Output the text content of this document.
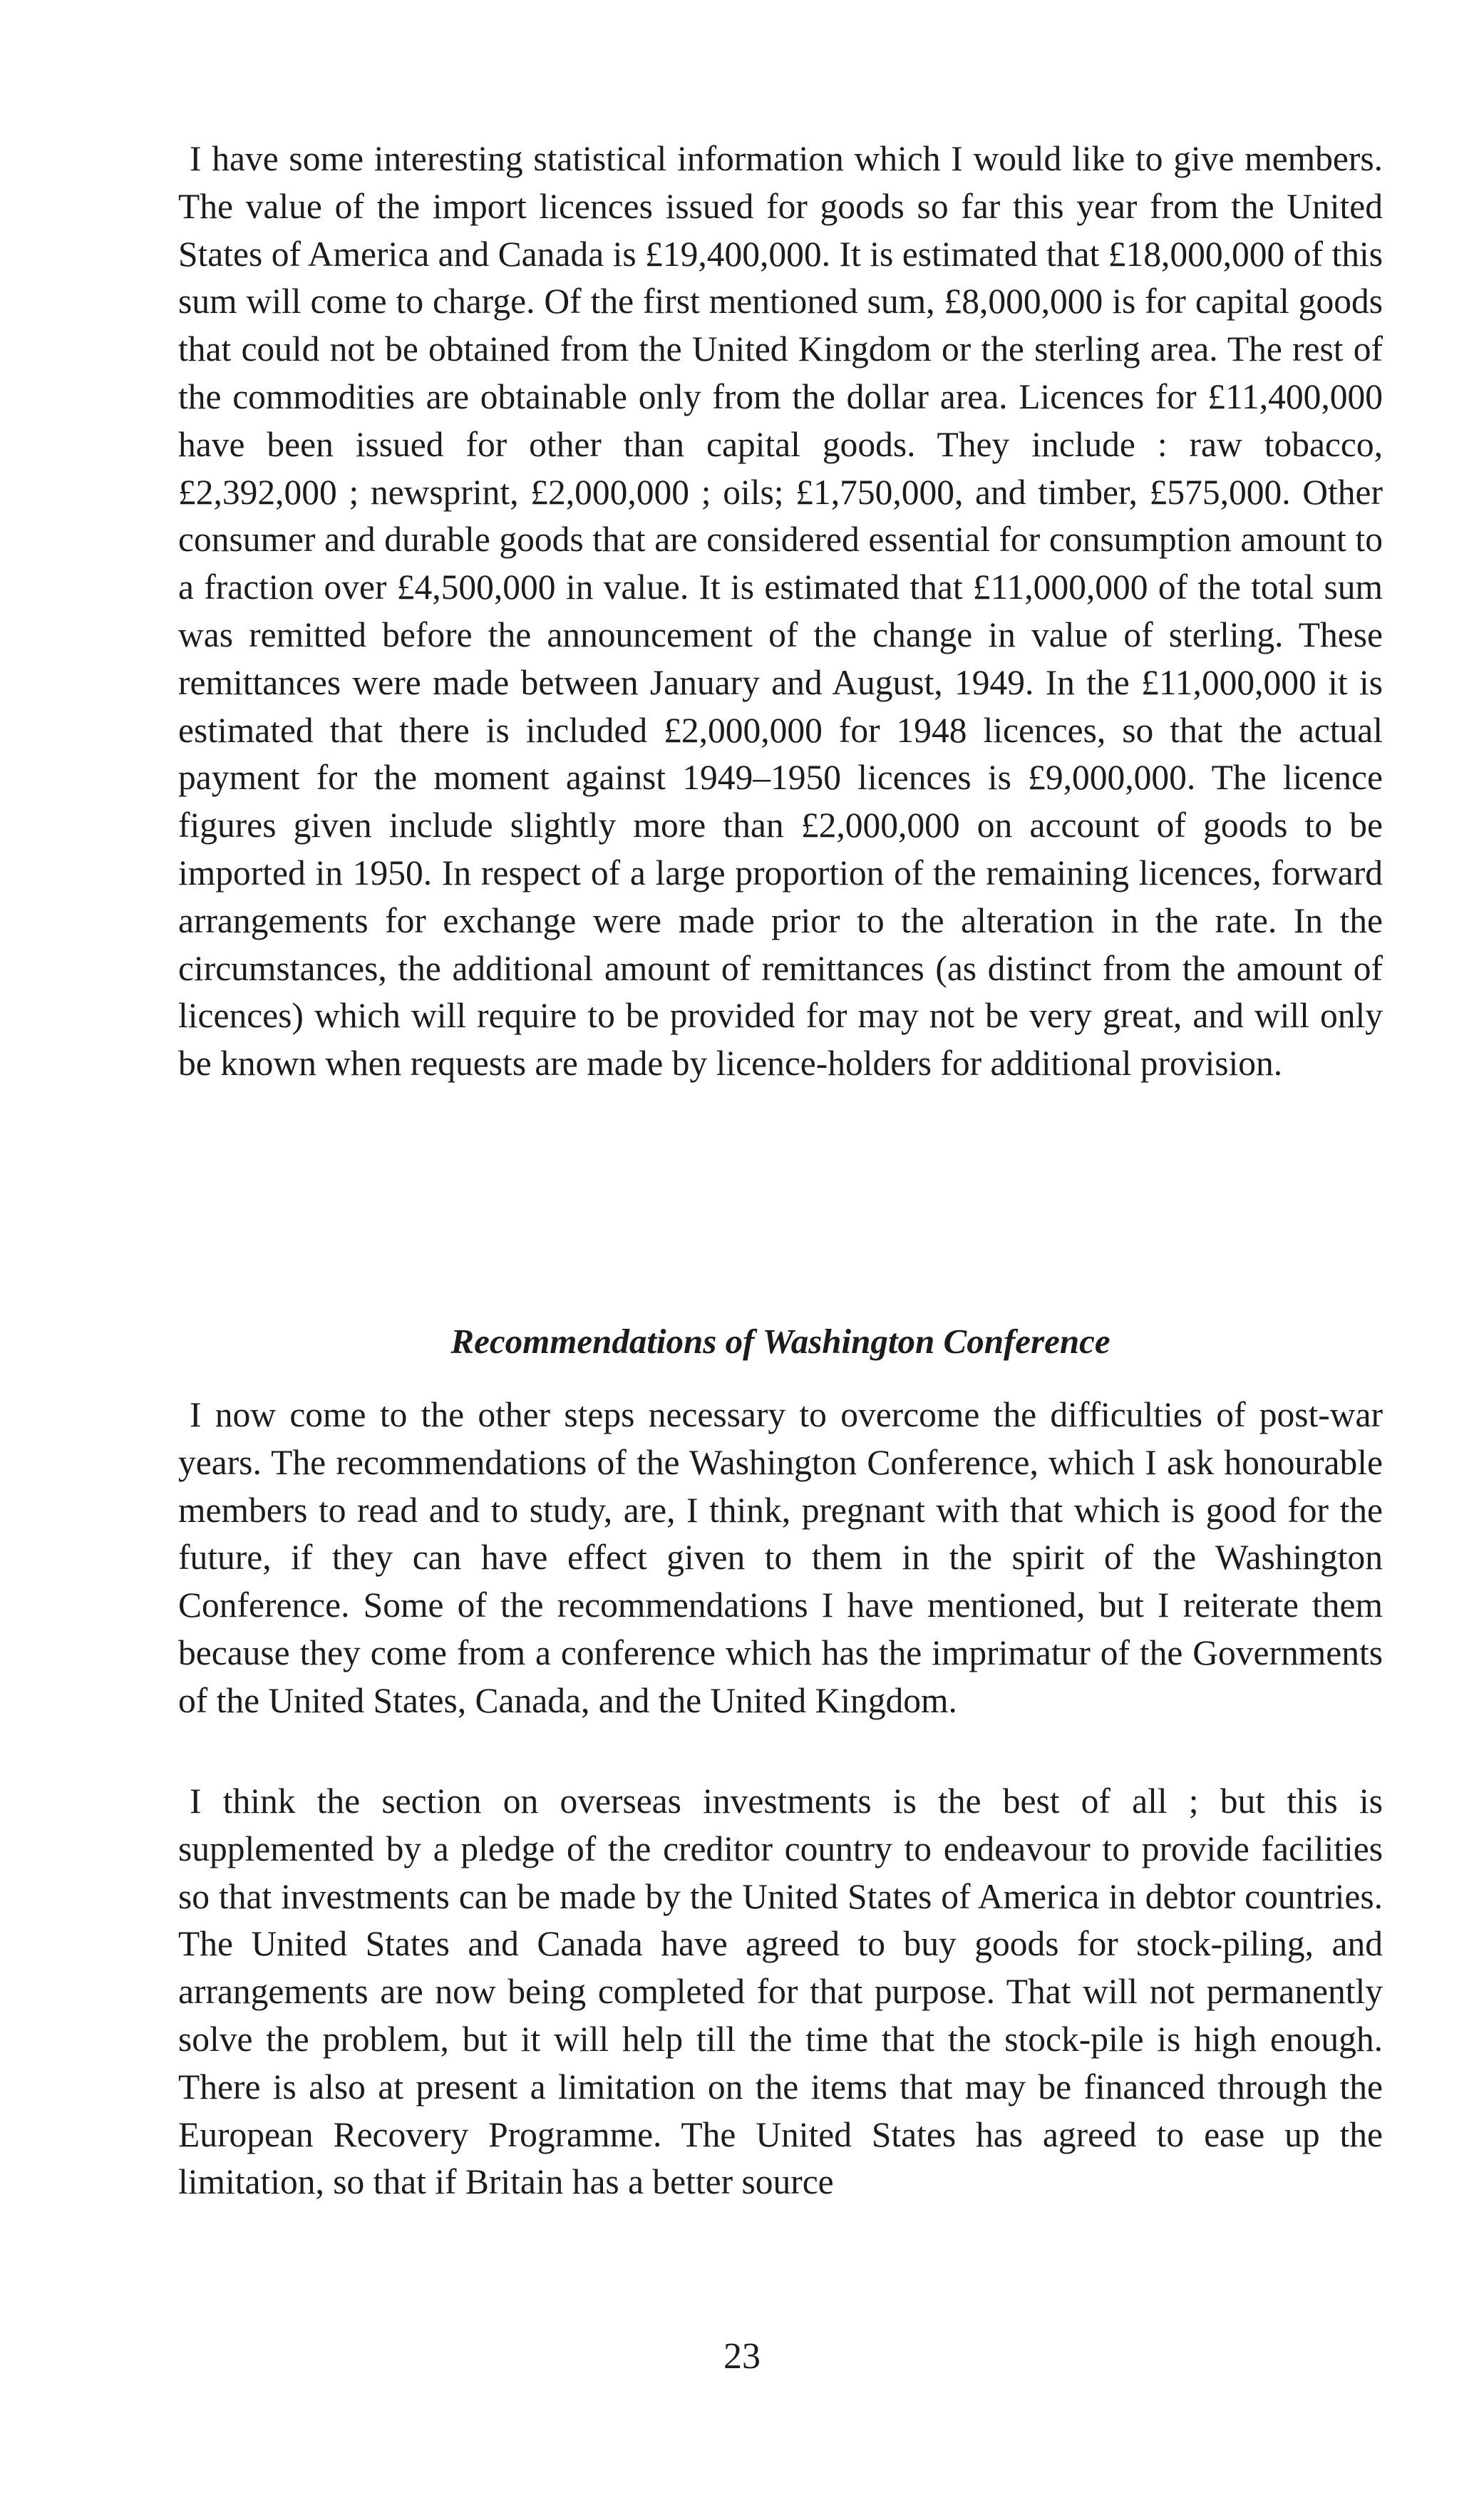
I have some interesting statistical information which I would like to give members. The value of the import licences issued for goods so far this year from the United States of America and Canada is £19,400,000. It is estimated that £18,000,000 of this sum will come to charge. Of the first mentioned sum, £8,000,000 is for capital goods that could not be obtained from the United Kingdom or the sterling area. The rest of the commodities are obtainable only from the dollar area. Licences for £11,400,000 have been issued for other than capital goods. They include : raw tobacco, £2,392,000 ; newsprint, £2,000,000 ; oils; £1,750,000, and timber, £575,000. Other consumer and durable goods that are considered essential for consumption amount to a fraction over £4,500,000 in value. It is estimated that £11,000,000 of the total sum was remitted before the announcement of the change in value of sterling. These remittances were made between January and August, 1949. In the £11,000,000 it is estimated that there is included £2,000,000 for 1948 licences, so that the actual payment for the moment against 1949–1950 licences is £9,000,000. The licence figures given include slightly more than £2,000,000 on account of goods to be imported in 1950. In respect of a large proportion of the remaining licences, forward arrangements for exchange were made prior to the alteration in the rate. In the circumstances, the additional amount of remittances (as distinct from the amount of licences) which will require to be provided for may not be very great, and will only be known when requests are made by licence-holders for additional provision.

Recommendations of Washington Conference

I now come to the other steps necessary to overcome the difficulties of post-war years. The recommendations of the Washington Conference, which I ask honourable members to read and to study, are, I think, pregnant with that which is good for the future, if they can have effect given to them in the spirit of the Washington Conference. Some of the recommendations I have mentioned, but I reiterate them because they come from a conference which has the imprimatur of the Governments of the United States, Canada, and the United Kingdom.

I think the section on overseas investments is the best of all ; but this is supplemented by a pledge of the creditor country to endeavour to provide facilities so that investments can be made by the United States of America in debtor countries. The United States and Canada have agreed to buy goods for stock-piling, and arrangements are now being completed for that purpose. That will not permanently solve the problem, but it will help till the time that the stock-pile is high enough. There is also at present a limitation on the items that may be financed through the European Recovery Programme. The United States has agreed to ease up the limitation, so that if Britain has a better source

23
